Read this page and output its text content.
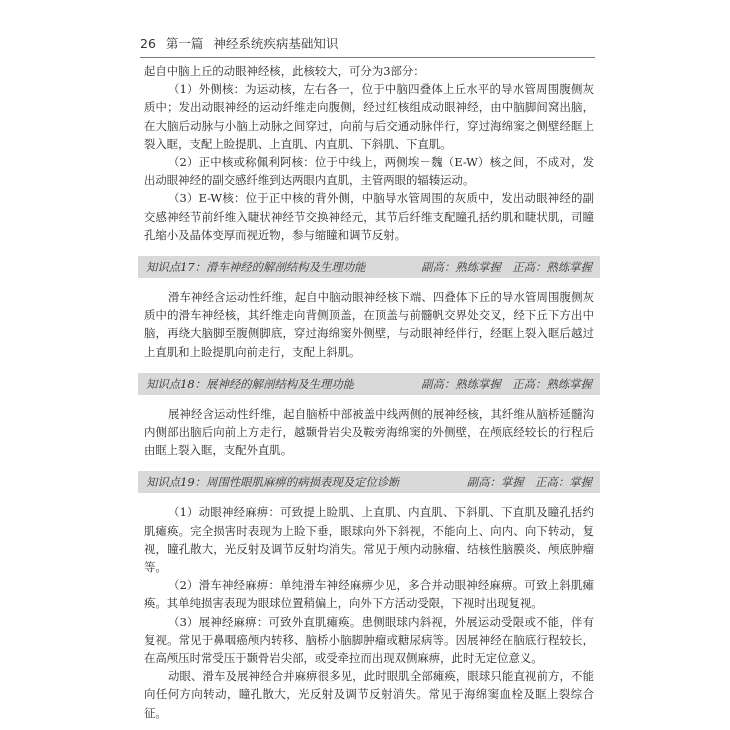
26 第一篇 神经系统疾病基础知识

起自中脑上丘的动眼神经核，此核较大，可分为3部分：

（1）外侧核：为运动核，左右各一，位于中脑四叠体上丘水平的导水管周围腹侧灰质中；发出动眼神经的运动纤维走向腹侧，经过红核组成动眼神经，由中脑脚间窝出脑，在大脑后动脉与小脑上动脉之间穿过，向前与后交通动脉伴行，穿过海绵窦之侧壁经眶上裂入眶，支配上睑提肌、上直肌、内直肌、下斜肌、下直肌。

（2）正中核或称佩利阿核：位于中线上，两侧埃－魏（E-W）核之间，不成对，发出动眼神经的副交感纤维到达两眼内直肌，主管两眼的辐辏运动。

（3）E-W核：位于正中核的背外侧，中脑导水管周围的灰质中，发出动眼神经的副交感神经节前纤维入睫状神经节交换神经元，其节后纤维支配瞳孔括约肌和睫状肌，司瞳孔缩小及晶体变厚而视近物，参与缩瞳和调节反射。

知识点17：滑车神经的解剖结构及生理功能	副高：熟练掌握　正高：熟练掌握

滑车神经含运动性纤维，起自中脑动眼神经核下端、四叠体下丘的导水管周围腹侧灰质中的滑车神经核，其纤维走向背侧顶盖，在顶盖与前髓帆交界处交叉，经下丘下方出中脑，再绕大脑脚至腹侧脚底，穿过海绵窦外侧壁，与动眼神经伴行，经眶上裂入眶后越过上直肌和上睑提肌向前走行，支配上斜肌。

知识点18：展神经的解剖结构及生理功能	副高：熟练掌握　正高：熟练掌握

展神经含运动性纤维，起自脑桥中部被盖中线两侧的展神经核，其纤维从脑桥延髓沟内侧部出脑后向前上方走行，越颞骨岩尖及鞍旁海绵窦的外侧壁，在颅底经较长的行程后由眶上裂入眶，支配外直肌。

知识点19：周围性眼肌麻痹的病损表现及定位诊断	副高：掌握　正高：掌握

（1）动眼神经麻痹：可致提上睑肌、上直肌、内直肌、下斜肌、下直肌及瞳孔括约肌瘫痪。完全损害时表现为上睑下垂，眼球向外下斜视，不能向上、向内、向下转动，复视，瞳孔散大，光反射及调节反射均消失。常见于颅内动脉瘤、结核性脑膜炎、颅底肿瘤等。

（2）滑车神经麻痹：单纯滑车神经麻痹少见，多合并动眼神经麻痹。可致上斜肌瘫痪。其单纯损害表现为眼球位置稍偏上，向外下方活动受限，下视时出现复视。

（3）展神经麻痹：可致外直肌瘫痪。患侧眼球内斜视，外展运动受限或不能，伴有复视。常见于鼻咽癌颅内转移、脑桥小脑脚肿瘤或糖尿病等。因展神经在脑底行程较长，在高颅压时常受压于颞骨岩尖部，或受牵拉而出现双侧麻痹，此时无定位意义。

动眼、滑车及展神经合并麻痹很多见，此时眼肌全部瘫痪，眼球只能直视前方，不能向任何方向转动，瞳孔散大，光反射及调节反射消失。常见于海绵窦血栓及眶上裂综合征。
